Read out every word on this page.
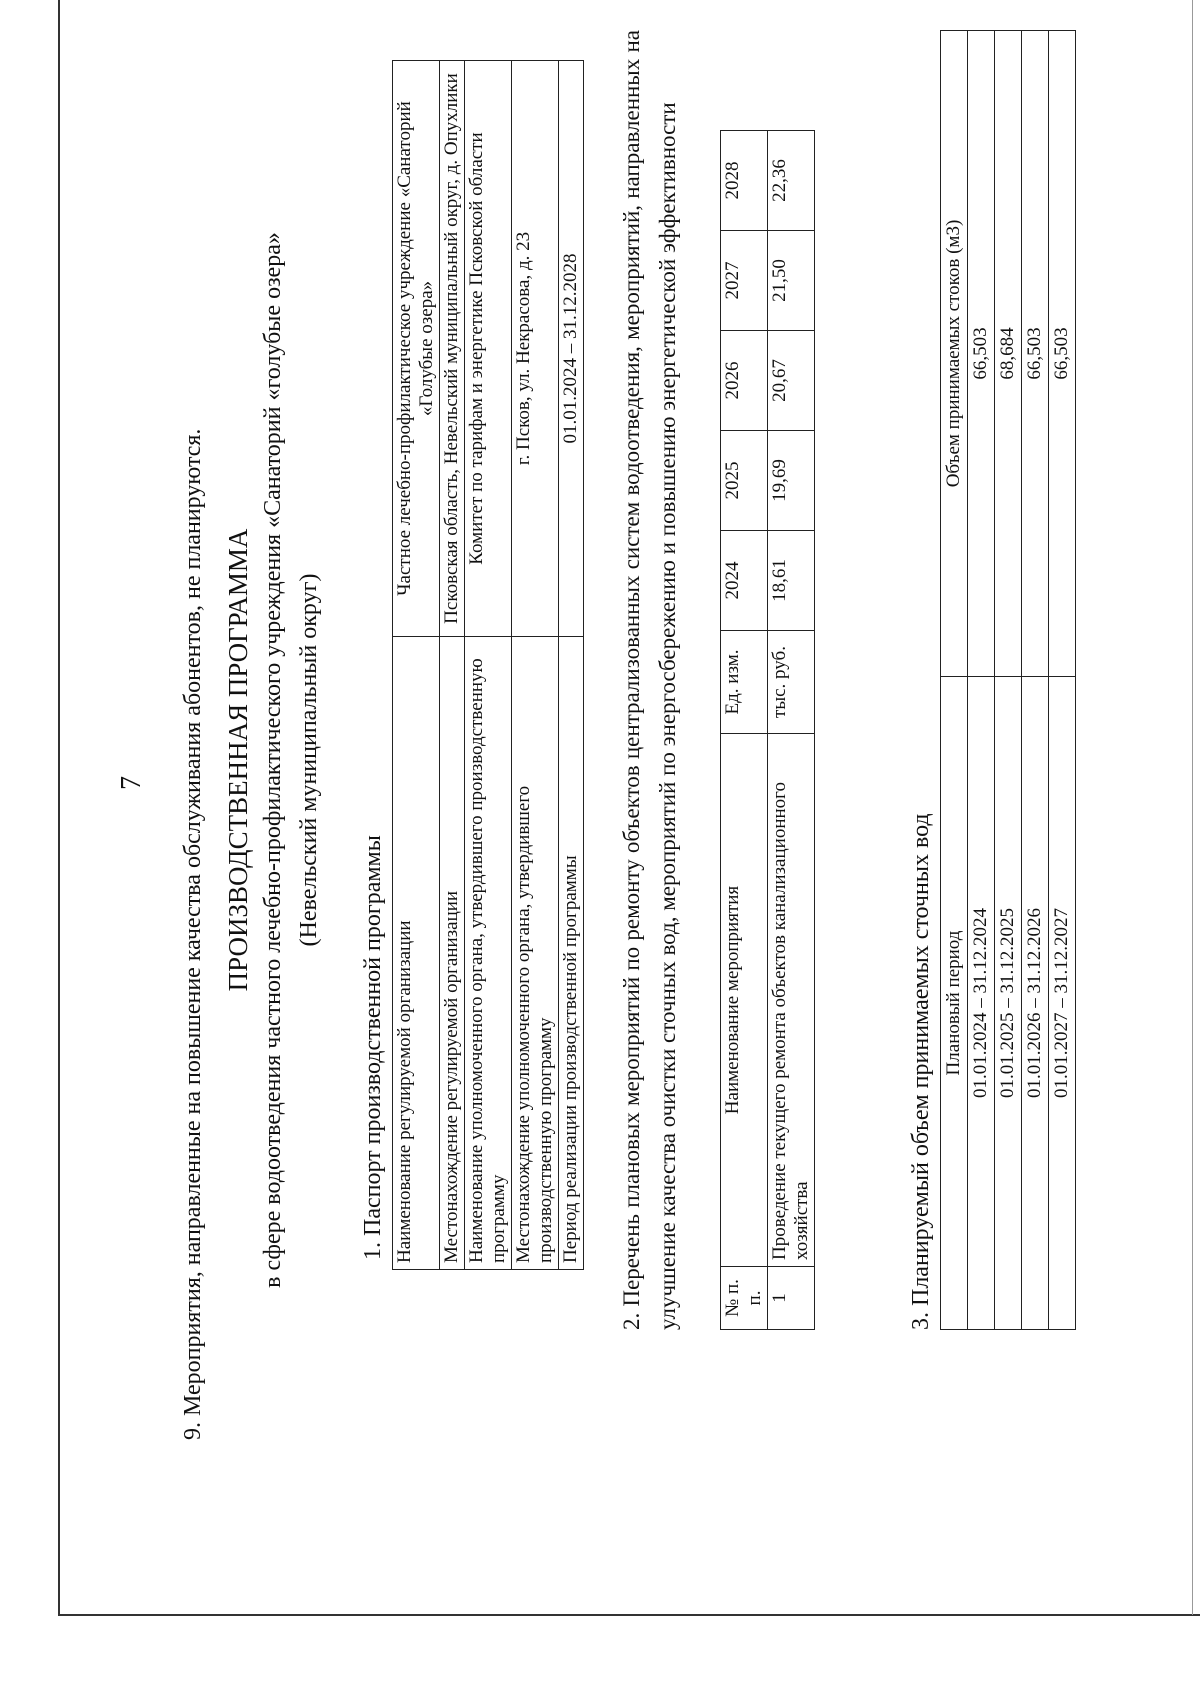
7 9. Мероприятия, направленные на повышение качества обслуживания абонентов, не планируются. ПРОИЗВОДСТВЕННАЯ ПРОГРАММА в сфере водоотведения частного лечебно-профилактического учреждения «Санаторий «голубые озера» (Невельский муниципальный округ)
1. Паспорт производственной программы Наименование регулируемой организации	Частное лечебно-профилактическое учреждение «Санаторий «Голубые озера»
Местонахождение регулируемой организации	Псковская область, Невельский муниципальный округ, д. Опухлики
Наименование уполномоченного органа, утвердившего производственную программу	Комитет по тарифам и энергетике Псковской области
Местонахождение уполномоченного органа, утвердившего производственную программу	г. Псков, ул. Некрасова, д. 23
Период реализации производственной программы	01.01.2024 – 31.12.2028 2. Перечень плановых мероприятий по ремонту объектов централизованных систем водоотведения, мероприятий, направленных на улучшение качества очистки сточных вод, мероприятий по энергосбережению и повышению энергетической эффективности	№ п. п.	Наименование мероприятия	Ед. изм.	2024	2025	2026	2027	2028
1	Проведение текущего ремонта объектов канализационного хозяйства	тыс. руб.	18,61	19,69	20,67	21,50	22,36
3. Планируемый объем принимаемых сточных вод Плановый период	Объем принимаемых стоков (м3)
01.01.2024 – 31.12.2024	66,503
01.01.2025 – 31.12.2025	68,684
01.01.2026 – 31.12.2026	66,503
01.01.2027 – 31.12.2027	66,503
